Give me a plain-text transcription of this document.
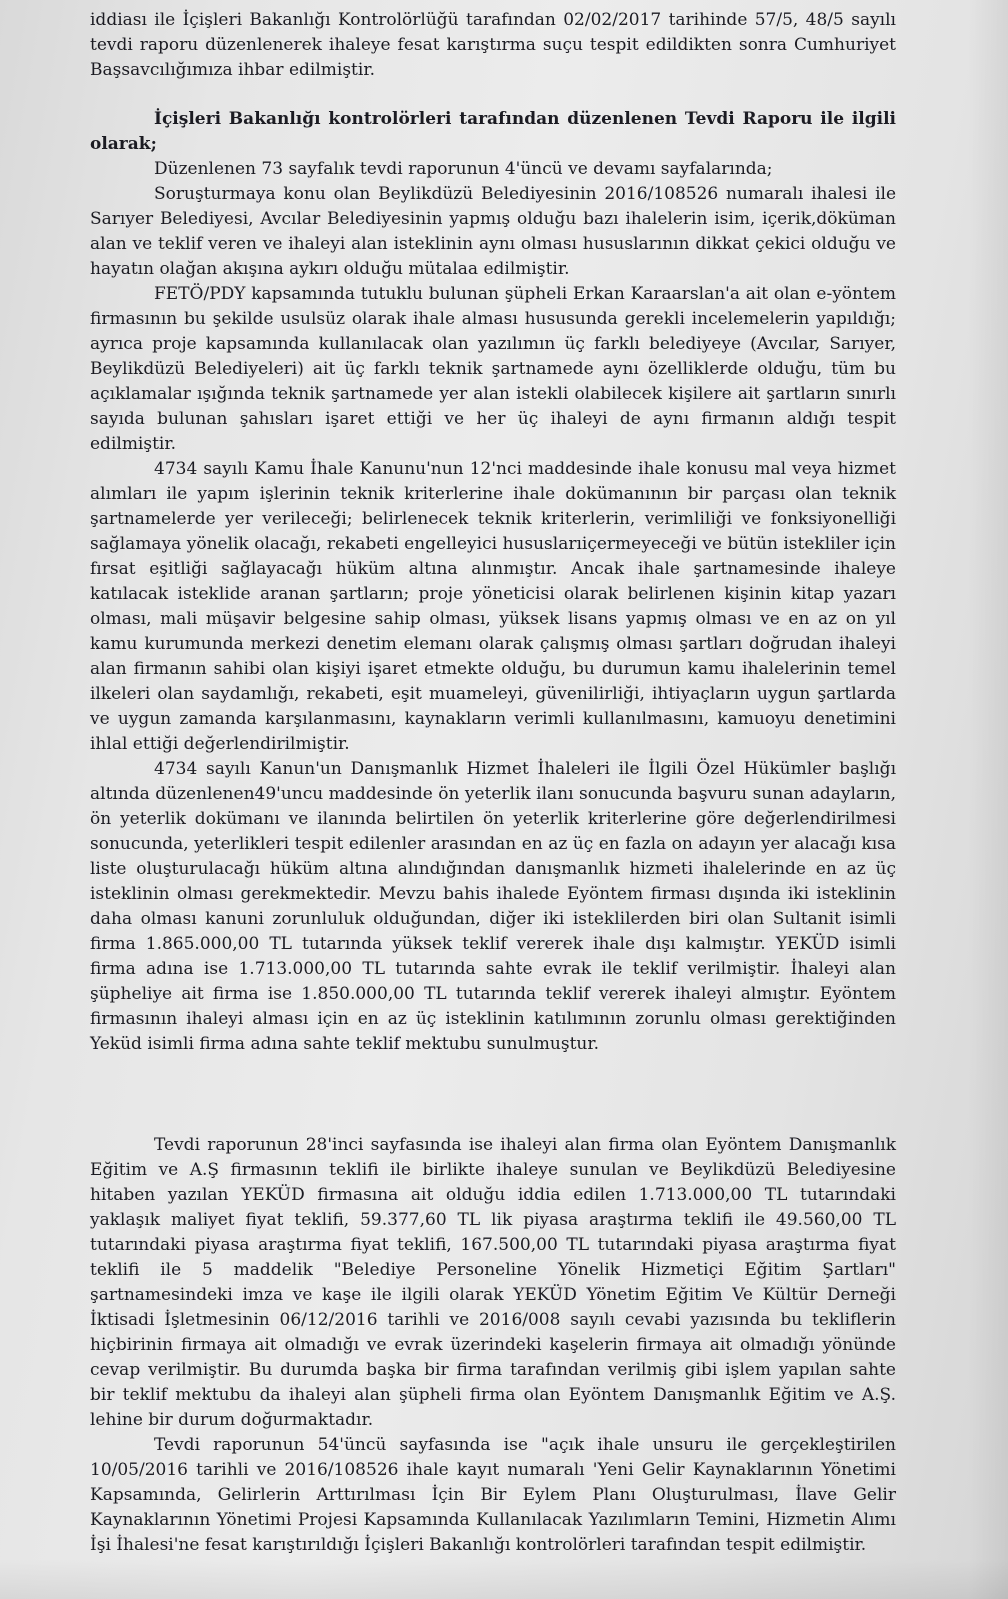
iddiası ile İçişleri Bakanlığı Kontrolörlüğü tarafından 02/02/2017 tarihinde 57/5, 48/5 sayılı tevdi raporu düzenlenerek ihaleye fesat karıştırma suçu tespit edildikten sonra Cumhuriyet Başsavcılığımıza ihbar edilmiştir.

İçişleri Bakanlığı kontrolörleri tarafından düzenlenen Tevdi Raporu ile ilgili olarak;

Düzenlenen 73 sayfalık tevdi raporunun 4'üncü ve devamı sayfalarında;

Soruşturmaya konu olan Beylikdüzü Belediyesinin 2016/108526 numaralı ihalesi ile Sarıyer Belediyesi, Avcılar Belediyesinin yapmış olduğu bazı ihalelerin isim, içerik,döküman alan ve teklif veren ve ihaleyi alan isteklinin aynı olması hususlarının dikkat çekici olduğu ve hayatın olağan akışına aykırı olduğu mütalaa edilmiştir.

FETÖ/PDY kapsamında tutuklu bulunan şüpheli Erkan Karaarslan'a ait olan e-yöntem firmasının bu şekilde usulsüz olarak ihale alması hususunda gerekli incelemelerin yapıldığı; ayrıca proje kapsamında kullanılacak olan yazılımın üç farklı belediyeye (Avcılar, Sarıyer, Beylikdüzü Belediyeleri) ait üç farklı teknik şartnamede aynı özelliklerde olduğu, tüm bu açıklamalar ışığında teknik şartnamede yer alan istekli olabilecek kişilere ait şartların sınırlı sayıda bulunan şahısları işaret ettiği ve her üç ihaleyi de aynı firmanın aldığı tespit edilmiştir.

4734 sayılı Kamu İhale Kanunu'nun 12'nci maddesinde ihale konusu mal veya hizmet alımları ile yapım işlerinin teknik kriterlerine ihale dokümanının bir parçası olan teknik şartnamelerde yer verileceği; belirlenecek teknik kriterlerin, verimliliği ve fonksiyonelliği sağlamaya yönelik olacağı, rekabeti engelleyici hususlarıiçermeyeceği ve bütün istekliler için fırsat eşitliği sağlayacağı hüküm altına alınmıştır. Ancak ihale şartnamesinde ihaleye katılacak isteklide aranan şartların; proje yöneticisi olarak belirlenen kişinin kitap yazarı olması, mali müşavir belgesine sahip olması, yüksek lisans yapmış olması ve en az on yıl kamu kurumunda merkezi denetim elemanı olarak çalışmış olması şartları doğrudan ihaleyi alan firmanın sahibi olan kişiyi işaret etmekte olduğu, bu durumun kamu ihalelerinin temel ilkeleri olan saydamlığı, rekabeti, eşit muameleyi, güvenilirliği, ihtiyaçların uygun şartlarda ve uygun zamanda karşılanmasını, kaynakların verimli kullanılmasını, kamuoyu denetimini ihlal ettiği değerlendirilmiştir.

4734 sayılı Kanun'un Danışmanlık Hizmet İhaleleri ile İlgili Özel Hükümler başlığı altında düzenlenen49'uncu maddesinde ön yeterlik ilanı sonucunda başvuru sunan adayların, ön yeterlik dokümanı ve ilanında belirtilen ön yeterlik kriterlerine göre değerlendirilmesi sonucunda, yeterlikleri tespit edilenler arasından en az üç en fazla on adayın yer alacağı kısa liste oluşturulacağı hüküm altına alındığından danışmanlık hizmeti ihalelerinde en az üç isteklinin olması gerekmektedir. Mevzu bahis ihalede Eyöntem firması dışında iki isteklinin daha olması kanuni zorunluluk olduğundan, diğer iki isteklilerden biri olan Sultanit isimli firma 1.865.000,00 TL tutarında yüksek teklif vererek ihale dışı kalmıştır. YEKÜD isimli firma adına ise 1.713.000,00 TL tutarında sahte evrak ile teklif verilmiştir. İhaleyi alan şüpheliye ait firma ise 1.850.000,00 TL tutarında teklif vererek ihaleyi almıştır. Eyöntem firmasının ihaleyi alması için en az üç isteklinin katılımının zorunlu olması gerektiğinden Yeküd isimli firma adına sahte teklif mektubu sunulmuştur.

Tevdi raporunun 28'inci sayfasında ise ihaleyi alan firma olan Eyöntem Danışmanlık Eğitim ve A.Ş firmasının teklifi ile birlikte ihaleye sunulan ve Beylikdüzü Belediyesine hitaben yazılan YEKÜD firmasına ait olduğu iddia edilen 1.713.000,00 TL tutarındaki yaklaşık maliyet fiyat teklifi, 59.377,60 TL lik piyasa araştırma teklifi ile 49.560,00 TL tutarındaki piyasa araştırma fiyat teklifi, 167.500,00 TL tutarındaki piyasa araştırma fiyat teklifi ile 5 maddelik "Belediye Personeline Yönelik Hizmetiçi Eğitim Şartları" şartnamesindeki imza ve kaşe ile ilgili olarak YEKÜD Yönetim Eğitim Ve Kültür Derneği İktisadi İşletmesinin 06/12/2016 tarihli ve 2016/008 sayılı cevabi yazısında bu tekliflerin hiçbirinin firmaya ait olmadığı ve evrak üzerindeki kaşelerin firmaya ait olmadığı yönünde cevap verilmiştir. Bu durumda başka bir firma tarafından verilmiş gibi işlem yapılan sahte bir teklif mektubu da ihaleyi alan şüpheli firma olan Eyöntem Danışmanlık Eğitim ve A.Ş. lehine bir durum doğurmaktadır.

Tevdi raporunun 54'üncü sayfasında ise "açık ihale unsuru ile gerçekleştirilen 10/05/2016 tarihli ve 2016/108526 ihale kayıt numaralı 'Yeni Gelir Kaynaklarının Yönetimi Kapsamında, Gelirlerin Arttırılması İçin Bir Eylem Planı Oluşturulması, İlave Gelir Kaynaklarının Yönetimi Projesi Kapsamında Kullanılacak Yazılımların Temini, Hizmetin Alımı İşi İhalesi'ne fesat karıştırıldığı İçişleri Bakanlığı kontrolörleri tarafından tespit edilmiştir.
